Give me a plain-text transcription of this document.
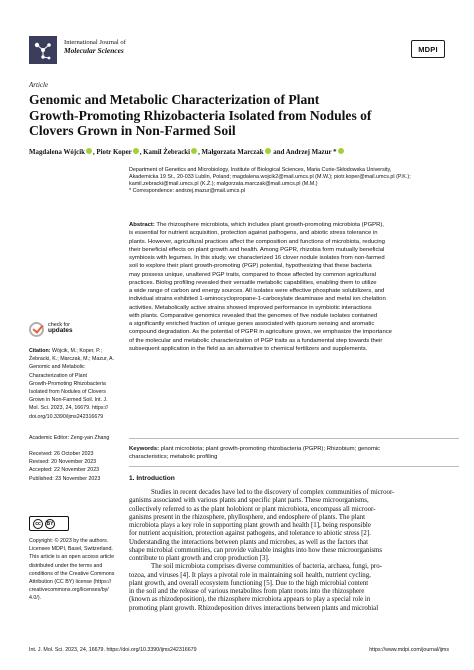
International Journal of
Molecular Sciences	MDPI
Article
Genomic and Metabolic Characterization of Plant
Growth-Promoting Rhizobacteria Isolated from Nodules of
Clovers Grown in Non-Farmed Soil
Magdalena Wójcik , Piotr Koper , Kamil Żebracki , Małgorzata Marczak and Andrzej Mazur *
Department of Genetics and Microbiology, Institute of Biological Sciences, Maria Curie-Skłodowska University,
Akademicka 19 St., 20-033 Lublin, Poland; magdalena.wojcik2@mail.umcs.pl (M.W.); piotr.koper@mail.umcs.pl (P.K.);
kamil.zebracki@mail.umcs.pl (K.Ż.); malgorzata.marczak@mail.umcs.pl (M.M.)
* Correspondence: andrzej.mazur@mail.umcs.pl
Abstract: The rhizosphere microbiota, which includes plant growth-promoting microbiota (PGPR),
is essential for nutrient acquisition, protection against pathogens, and abiotic stress tolerance in
plants. However, agricultural practices affect the composition and functions of microbiota, reducing
their beneficial effects on plant growth and health. Among PGPR, rhizobia form mutually beneficial
symbiosis with legumes. In this study, we characterized 16 clover nodule isolates from non-farmed
soil to explore their plant growth-promoting (PGP) potential, hypothesizing that these bacteria
may possess unique, unaltered PGP traits, compared to those affected by common agricultural
practices. Biolog profiling revealed their versatile metabolic capabilities, enabling them to utilize
a wide range of carbon and energy sources. All isolates were effective phosphate solubilizers, and
individual strains exhibited 1-aminocyclopropane-1-carboxylate deaminase and metal ion chelation
activities. Metabolically active strains showed improved performance in symbiotic interactions
with plants. Comparative genomics revealed that the genomes of five nodule isolates contained
a significantly enriched fraction of unique genes associated with quorum sensing and aromatic
compound degradation. As the potential of PGPR in agriculture grows, we emphasize the importance
of the molecular and metabolic characterization of PGP traits as a fundamental step towards their
subsequent application in the field as an alternative to chemical fertilizers and supplements.
Keywords: plant microbiota; plant growth-promoting rhizobacteria (PGPR); Rhizobium; genomic
characteristics; metabolic profiling
check for
updates
Citation: Wójcik, M.; Koper, P.;
Żebracki, K.; Marczak, M.; Mazur, A.
Genomic and Metabolic
Characterization of Plant
Growth-Promoting Rhizobacteria
Isolated from Nodules of Clovers
Grown in Non-Farmed Soil. Int. J.
Mol. Sci. 2023, 24, 16679. https://
doi.org/10.3390/ijms242316679
Academic Editor: Zeng-yan Zhang
Received: 26 October 2023
Revised: 20 November 2023
Accepted: 22 November 2023
Published: 23 November 2023
cc	BY
Copyright: © 2023 by the authors.
Licensee MDPI, Basel, Switzerland.
This article is an open access article
distributed under the terms and
conditions of the Creative Commons
Attribution (CC BY) license (https://
creativecommons.org/licenses/by/
4.0/).
1. Introduction
Studies in recent decades have led to the discovery of complex communities of microor-
ganisms associated with various plants and specific plant parts. These microorganisms,
collectively referred to as the plant holobiont or plant microbiota, encompass all microor-
ganisms present in the rhizosphere, phyllosphere, and endosphere of plants. The plant
microbiota plays a key role in supporting plant growth and health [1], being responsible
for nutrient acquisition, protection against pathogens, and tolerance to abiotic stress [2].
Understanding the interactions between plants and microbes, as well as the factors that
shape microbial communities, can provide valuable insights into how these microorganisms
contribute to plant growth and crop production [3].
The soil microbiota comprises diverse communities of bacteria, archaea, fungi, pro-
tozoa, and viruses [4]. It plays a pivotal role in maintaining soil health, nutrient cycling,
plant growth, and overall ecosystem functioning [5]. Due to the high microbial content
in the soil and the release of various metabolites from plant roots into the rhizosphere
(known as rhizodeposition), the rhizosphere microbiota appears to play a special role in
promoting plant growth. Rhizodeposition drives interactions between plants and microbial
Int. J. Mol. Sci. 2023, 24, 16679. https://doi.org/10.3390/ijms242316679	https://www.mdpi.com/journal/ijms
